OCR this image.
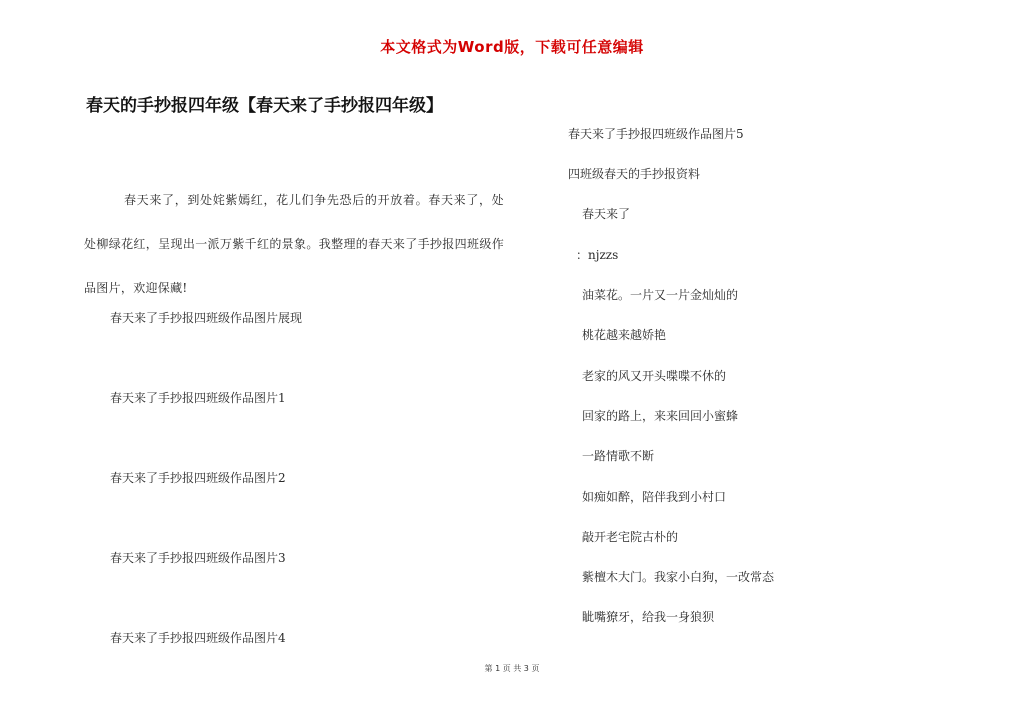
本文格式为Word版，下载可任意编辑
春天的手抄报四年级【春天来了手抄报四年级】

春天来了，到处姹紫嫣红，花儿们争先恐后的开放着。春天来了，处处柳绿花红，呈现出一派万紫千红的景象。我整理的春天来了手抄报四班级作品图片，欢迎保藏!

春天来了手抄报四班级作品图片展现
春天来了手抄报四班级作品图片1
春天来了手抄报四班级作品图片2
春天来了手抄报四班级作品图片3
春天来了手抄报四班级作品图片4
春天来了手抄报四班级作品图片5
四班级春天的手抄报资料
春天来了
：njzzs
油菜花。一片又一片金灿灿的
桃花越来越娇艳
老家的风又开头喋喋不休的
回家的路上，来来回回小蜜蜂
一路情歌不断
如痴如醉，陪伴我到小村口
敲开老宅院古朴的
紫檀木大门。我家小白狗，一改常态
眦嘴獠牙，给我一身狼狈
第 1 页 共 3 页
